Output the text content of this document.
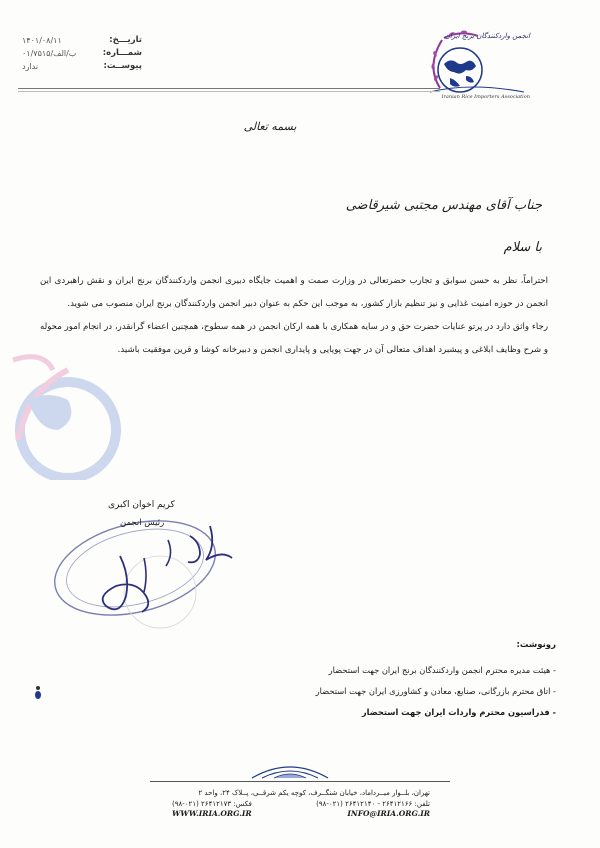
تاریـــخ:
۱۴۰۱/۰۸/۱۱
شمـــاره:
۰۱/۷۵۱۵/ب/الف
پیوســت:
ندارد
انجمن واردکنندگان برنج ایران
Iranian Rice Importers Association
بسمه تعالی
جناب آقای مهندس مجتبی شیرقاضی
با سلام

احتراماً، نظر به حسن سوابق و تجارب حضرتعالی در وزارت صمت و اهمیت جایگاه دبیری انجمن واردکنندگان برنج ایران و نقش راهبردی این انجمن در حوزه امنیت غذایی و نیز تنظیم بازار کشور، به موجب این حکم به عنوان دبیر انجمن واردکنندگان برنج ایران منصوب می شوید.

رجاء واثق دارد در پرتو عنایات حضرت حق و در سایه همکاری با همه ارکان انجمن در همه سطوح، همچنین اعضاء گرانقدر، در انجام امور محوله و شرح وظایف ابلاغی و پیشبرد اهداف متعالی آن در جهت پویایی و پایداری انجمن و دبیرخانه کوشا و قرین موفقیت باشید.

کریم اخوان اکبری
رئیس انجمن
رونوشت:
- هیئت مدیره محترم انجمن واردکنندگان برنج ایران جهت استحضار
- اتاق محترم بازرگانی، صنایع، معادن و کشاورزی ایران جهت استحضار
- فدراسیون محترم واردات ایران جهت استحضار
تهران، بلــوار میــرداماد، خیابان شنگــرف، کوچه یکم شرقــی، پــلاک ۲۴، واحد ۲
تلفن: ۲۶۴۱۲۱۶۶ - ۲۶۴۱۲۱۴۰ (۰۲۱-۹۸)
INFO@IRIA.ORG.IR
فکس: ۲۶۴۱۲۱۷۳ (۰۲۱-۹۸)
WWW.IRIA.ORG.IR
